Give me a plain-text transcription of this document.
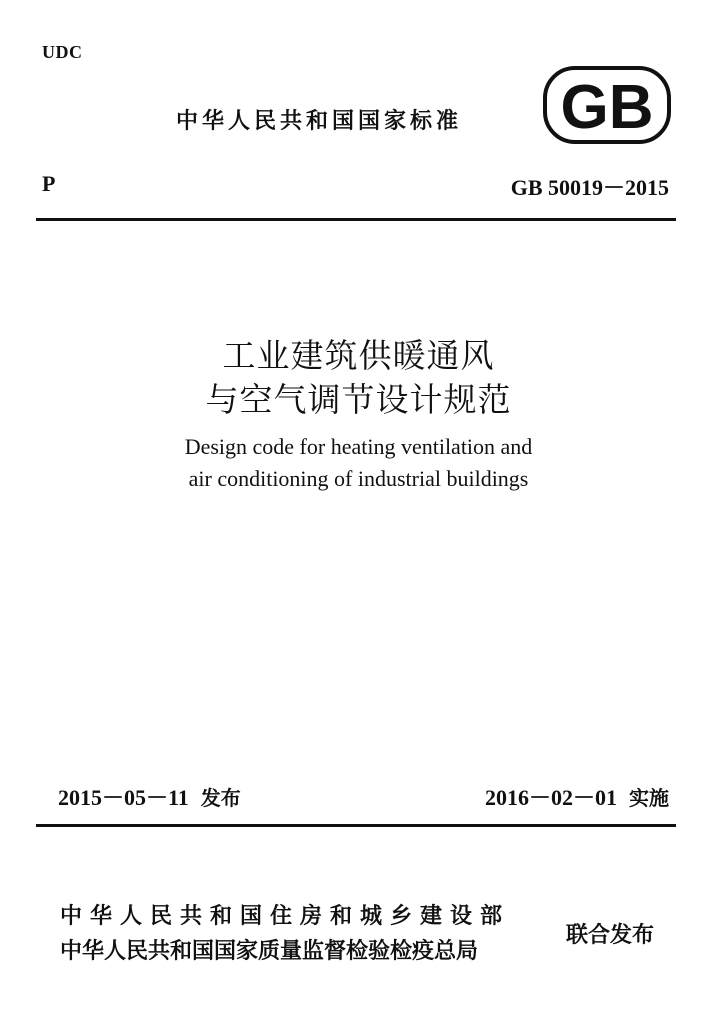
UDC
中华人民共和国国家标准 GB
P	GB 50019－2015
工业建筑供暖通风
与空气调节设计规范
Design code for heating ventilation and
air conditioning of industrial buildings
2015－05－11 发布	2016－02－01 实施
中华人民共和国住房和城乡建设部
中华人民共和国国家质量监督检验检疫总局
联合发布
